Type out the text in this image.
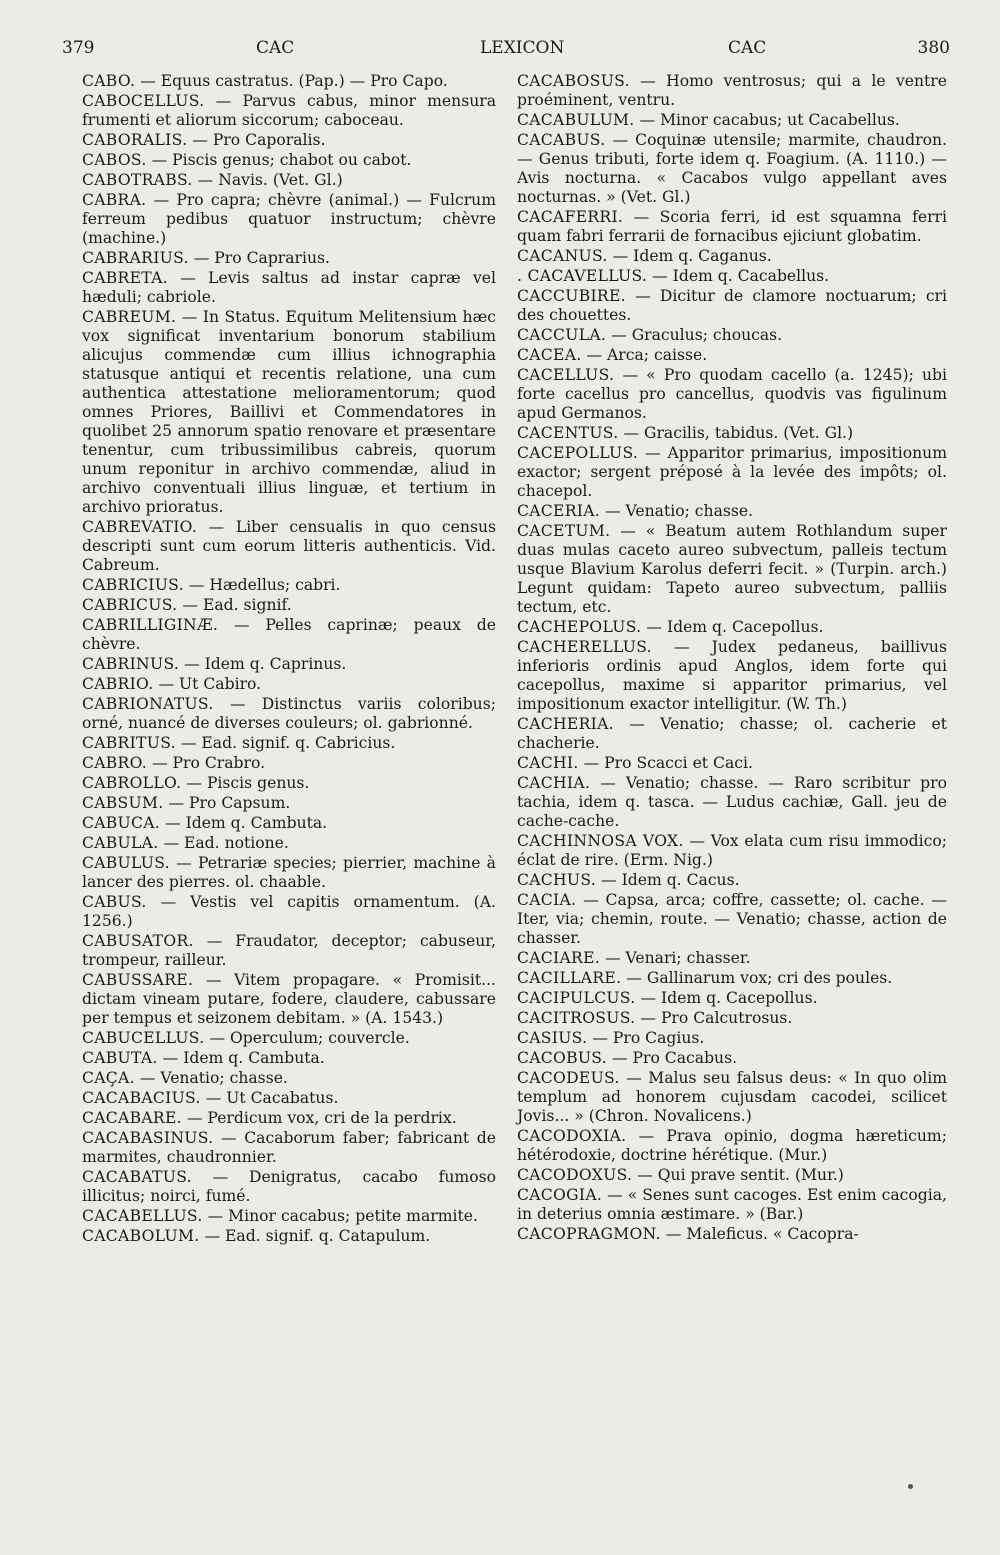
379	CAC	LEXICON	CAC	380

CABO. — Equus castratus. (Pap.) — Pro Capo.

CABOCELLUS. — Parvus cabus, minor mensura frumenti et aliorum siccorum; caboceau.

CABORALIS. — Pro Caporalis.

CABOS. — Piscis genus; chabot ou cabot.

CABOTRABS. — Navis. (Vet. Gl.)

CABRA. — Pro capra; chèvre (animal.) — Fulcrum ferreum pedibus quatuor instructum; chèvre (machine.)

CABRARIUS. — Pro Caprarius.

CABRETA. — Levis saltus ad instar capræ vel hæduli; cabriole.

CABREUM. — In Status. Equitum Melitensium hæc vox significat inventarium bonorum stabilium alicujus commendæ cum illius ichnographia statusque antiqui et recentis relatione, una cum authentica attestatione melioramentorum; quod omnes Priores, Baillivi et Commendatores in quolibet 25 annorum spatio renovare et præsentare tenentur, cum tribussimilibus cabreis, quorum unum reponitur in archivo commendæ, aliud in archivo conventuali illius linguæ, et tertium in archivo prioratus.

CABREVATIO. — Liber censualis in quo census descripti sunt cum eorum litteris authenticis. Vid. Cabreum.

CABRICIUS. — Hædellus; cabri.

CABRICUS. — Ead. signif.

CABRILLIGINÆ. — Pelles caprinæ; peaux de chèvre.

CABRINUS. — Idem q. Caprinus.

CABRIO. — Ut Cabiro.

CABRIONATUS. — Distinctus variis coloribus; orné, nuancé de diverses couleurs; ol. gabrionné.

CABRITUS. — Ead. signif. q. Cabricius.

CABRO. — Pro Crabro.

CABROLLO. — Piscis genus.

CABSUM. — Pro Capsum.

CABUCA. — Idem q. Cambuta.

CABULA. — Ead. notione.

CABULUS. — Petrariæ species; pierrier, machine à lancer des pierres. ol. chaable.

CABUS. — Vestis vel capitis ornamentum. (A. 1256.)

CABUSATOR. — Fraudator, deceptor; cabuseur, trompeur, railleur.

CABUSSARE. — Vitem propagare. « Promisit... dictam vineam putare, fodere, claudere, cabussare per tempus et seizonem debitam. » (A. 1543.)

CABUCELLUS. — Operculum; couvercle.

CABUTA. — Idem q. Cambuta.

CAÇA. — Venatio; chasse.

CACABACIUS. — Ut Cacabatus.

CACABARE. — Perdicum vox, cri de la perdrix.

CACABASINUS. — Cacaborum faber; fabricant de marmites, chaudronnier.

CACABATUS. — Denigratus, cacabo fumoso illicitus; noirci, fumé.

CACABELLUS. — Minor cacabus; petite marmite.

CACABOLUM. — Ead. signif. q. Catapulum.

CACABOSUS. — Homo ventrosus; qui a le ventre proéminent, ventru.

CACABULUM. — Minor cacabus; ut Cacabellus.

CACABUS. — Coquinæ utensile; marmite, chaudron. — Genus tributi, forte idem q. Foagium. (A. 1110.) — Avis nocturna. « Cacabos vulgo appellant aves nocturnas. » (Vet. Gl.)

CACAFERRI. — Scoria ferri, id est squamna ferri quam fabri ferrarii de fornacibus ejiciunt globatim.

CACANUS. — Idem q. Caganus.

. CACAVELLUS. — Idem q. Cacabellus.

CACCUBIRE. — Dicitur de clamore noctuarum; cri des chouettes.

CACCULA. — Graculus; choucas.

CACEA. — Arca; caisse.

CACELLUS. — « Pro quodam cacello (a. 1245); ubi forte cacellus pro cancellus, quodvis vas figulinum apud Germanos.

CACENTUS. — Gracilis, tabidus. (Vet. Gl.)

CACEPOLLUS. — Apparitor primarius, impositionum exactor; sergent préposé à la levée des impôts; ol. chacepol.

CACERIA. — Venatio; chasse.

CACETUM. — « Beatum autem Rothlandum super duas mulas caceto aureo subvectum, palleis tectum usque Blavium Karolus deferri fecit. » (Turpin. arch.) Legunt quidam: Tapeto aureo subvectum, palliis tectum, etc.

CACHEPOLUS. — Idem q. Cacepollus.

CACHERELLUS. — Judex pedaneus, baillivus inferioris ordinis apud Anglos, idem forte qui cacepollus, maxime si apparitor primarius, vel impositionum exactor intelligitur. (W. Th.)

CACHERIA. — Venatio; chasse; ol. cacherie et chacherie.

CACHI. — Pro Scacci et Caci.

CACHIA. — Venatio; chasse. — Raro scribitur pro tachia, idem q. tasca. — Ludus cachiæ, Gall. jeu de cache-cache.

CACHINNOSA VOX. — Vox elata cum risu immodico; éclat de rire. (Erm. Nig.)

CACHUS. — Idem q. Cacus.

CACIA. — Capsa, arca; coffre, cassette; ol. cache. — Iter, via; chemin, route. — Venatio; chasse, action de chasser.

CACIARE. — Venari; chasser.

CACILLARE. — Gallinarum vox; cri des poules.

CACIPULCUS. — Idem q. Cacepollus.

CACITROSUS. — Pro Calcutrosus.

CASIUS. — Pro Cagius.

CACOBUS. — Pro Cacabus.

CACODEUS. — Malus seu falsus deus: « In quo olim templum ad honorem cujusdam cacodei, scilicet Jovis... » (Chron. Novalicens.)

CACODOXIA. — Prava opinio, dogma hæreticum; hétérodoxie, doctrine hérétique. (Mur.)

CACODOXUS. — Qui prave sentit. (Mur.)

CACOGIA. — « Senes sunt cacoges. Est enim cacogia, in deterius omnia æstimare. » (Bar.)

CACOPRAGMON. — Maleficus. « Cacopra-
